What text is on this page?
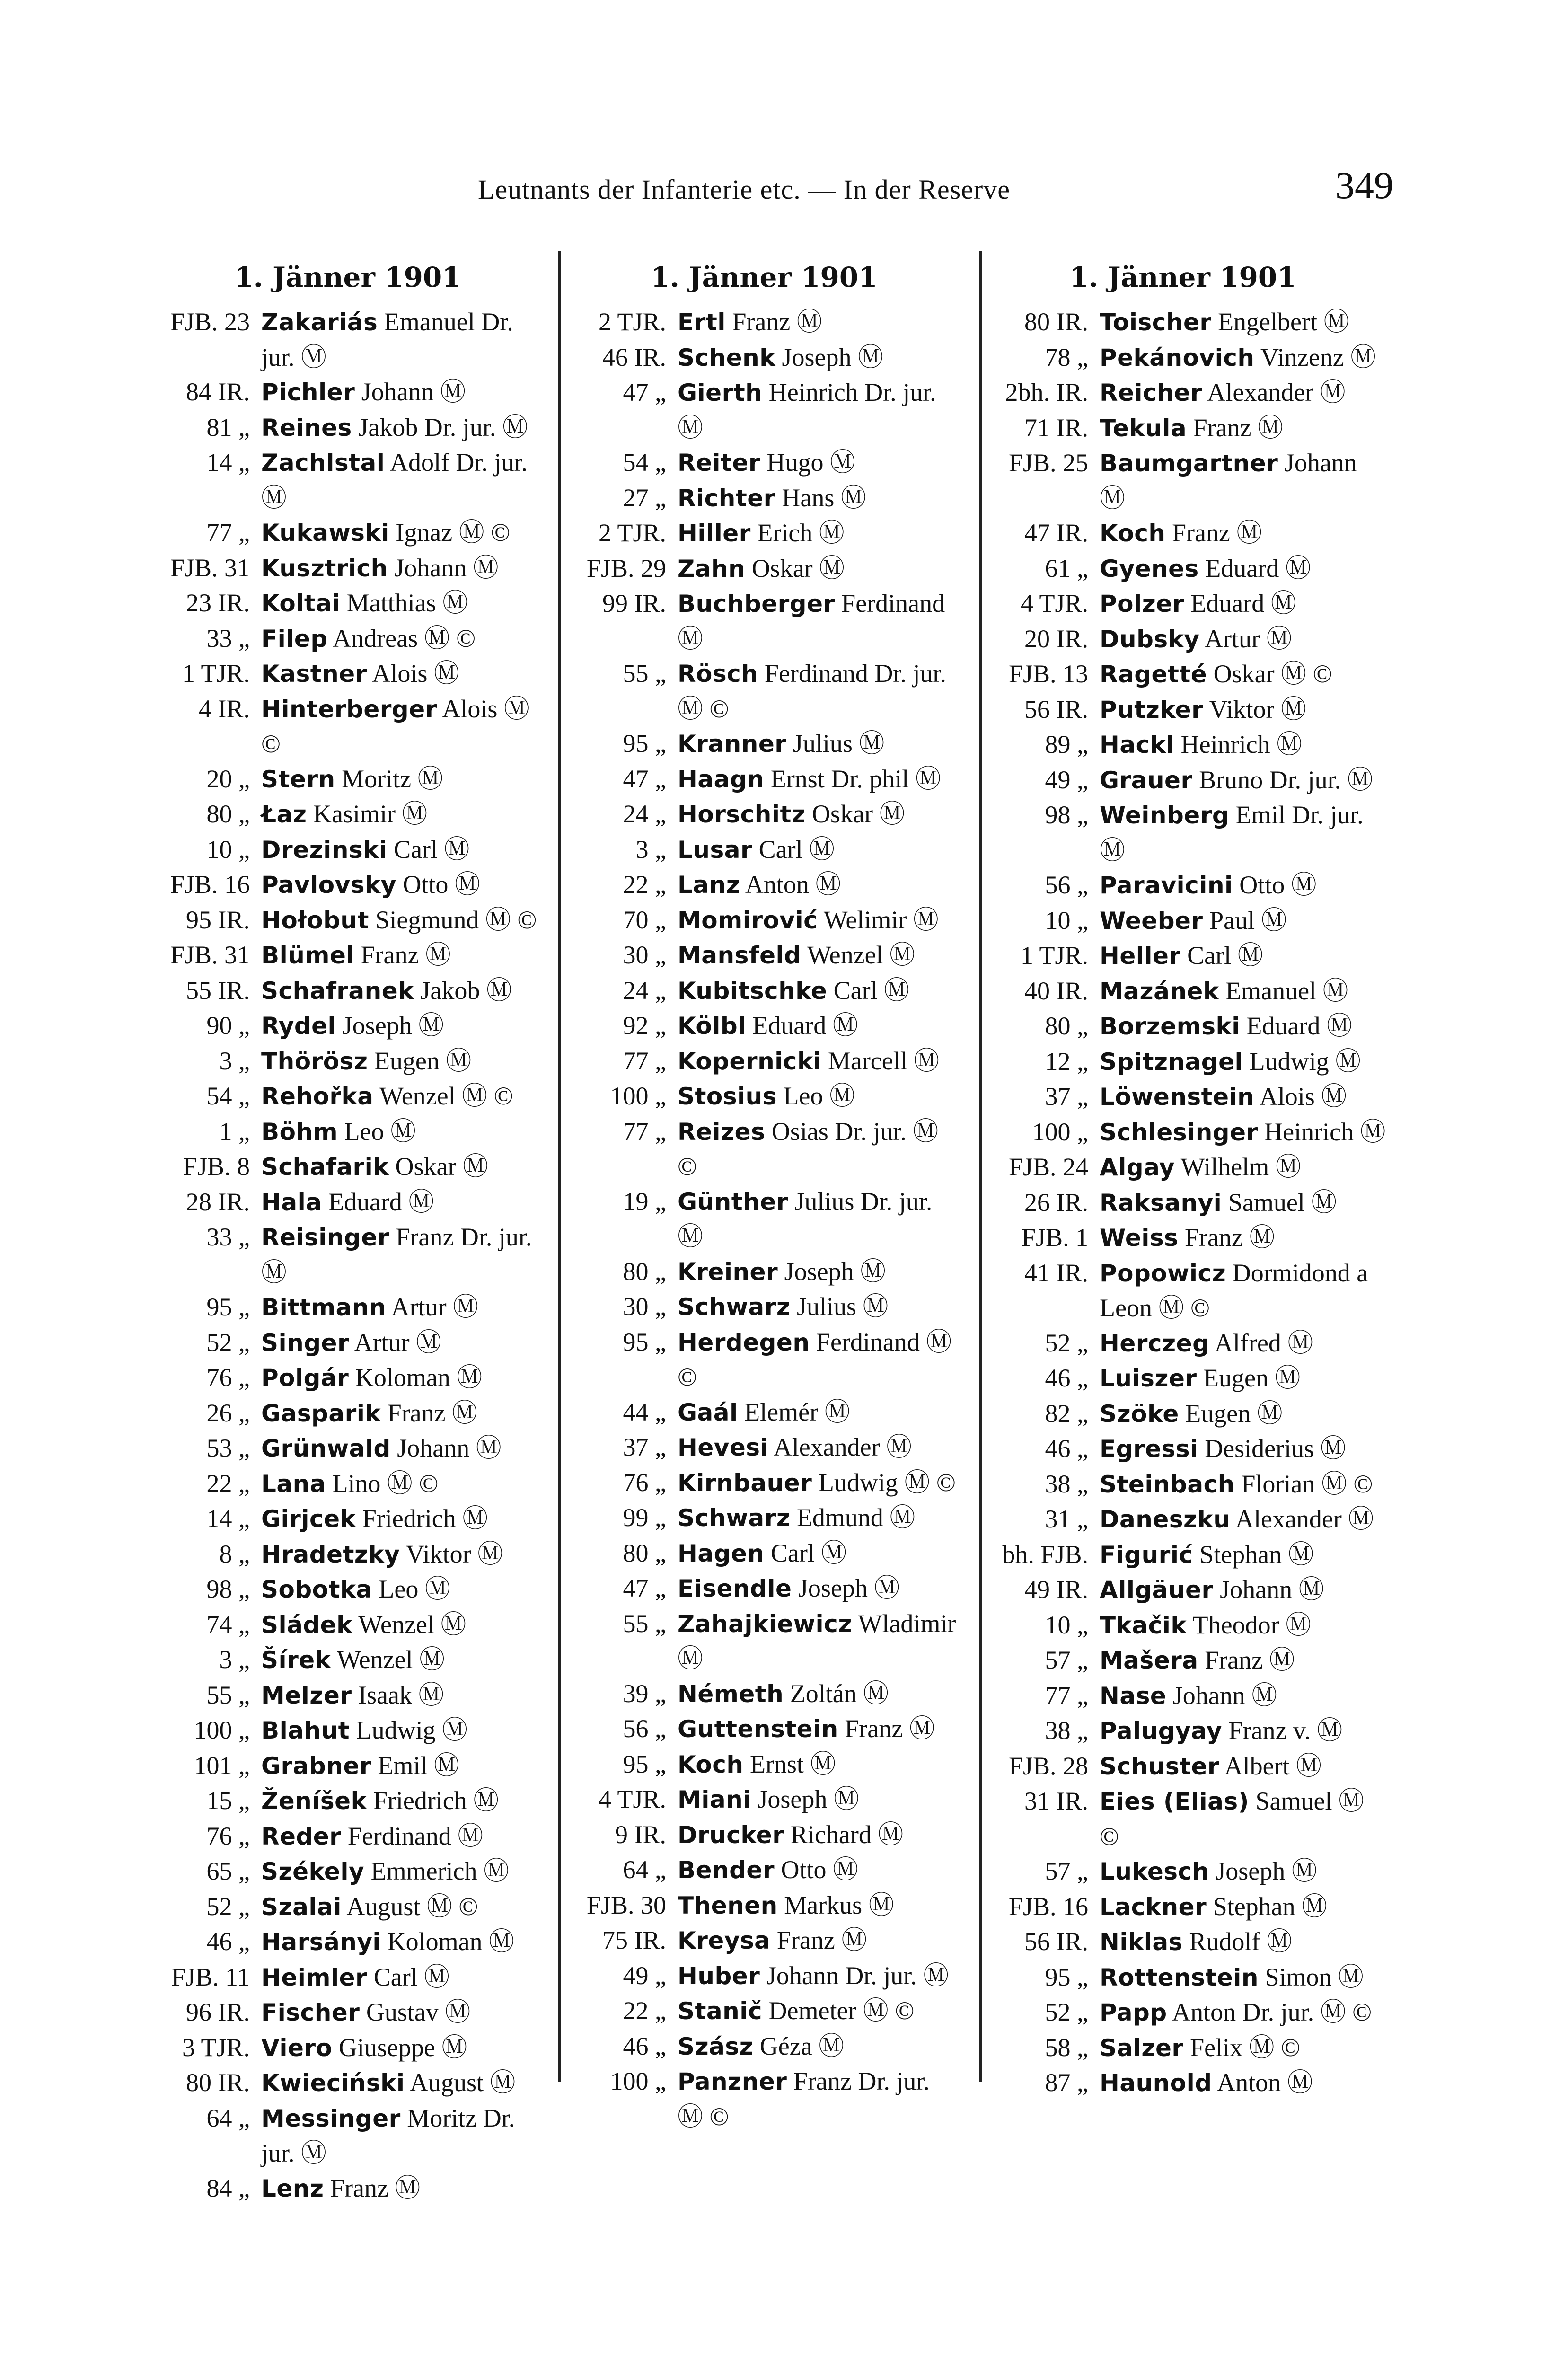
Leutnants der Infanterie etc. — In der Reserve	349
1. Jänner 1901
FJB. 23 Zakariás Emanuel Dr. jur. Ⓜ
84 IR. Pichler Johann Ⓜ
81 „ Reines Jakob Dr. jur. Ⓜ
14 „ Zachlstal Adolf Dr. jur. Ⓜ
77 „ Kukawski Ignaz Ⓜ ©
FJB. 31 Kusztrich Johann Ⓜ
23 IR. Koltai Matthias Ⓜ
33 „ Filep Andreas Ⓜ ©
1 TJR. Kastner Alois Ⓜ
4 IR. Hinterberger Alois Ⓜ ©
20 „ Stern Moritz Ⓜ
80 „ Łaz Kasimir Ⓜ
10 „ Drezinski Carl Ⓜ
FJB. 16 Pavlovsky Otto Ⓜ
95 IR. Hołobut Siegmund Ⓜ ©
FJB. 31 Blümel Franz Ⓜ
55 IR. Schafranek Jakob Ⓜ
90 „ Rydel Joseph Ⓜ
3 „ Thörösz Eugen Ⓜ
54 „ Rehořka Wenzel Ⓜ ©
1 „ Böhm Leo Ⓜ
FJB. 8 Schafarik Oskar Ⓜ
28 IR. Hala Eduard Ⓜ
33 „ Reisinger Franz Dr. jur. Ⓜ
95 „ Bittmann Artur Ⓜ
52 „ Singer Artur Ⓜ
76 „ Polgár Koloman Ⓜ
26 „ Gasparik Franz Ⓜ
53 „ Grünwald Johann Ⓜ
22 „ Lana Lino Ⓜ ©
14 „ Girjcek Friedrich Ⓜ
8 „ Hradetzky Viktor Ⓜ
98 „ Sobotka Leo Ⓜ
74 „ Sládek Wenzel Ⓜ
3 „ Šírek Wenzel Ⓜ
55 „ Melzer Isaak Ⓜ
100 „ Blahut Ludwig Ⓜ
101 „ Grabner Emil Ⓜ
15 „ Ženíšek Friedrich Ⓜ
76 „ Reder Ferdinand Ⓜ
65 „ Székely Emmerich Ⓜ
52 „ Szalai August Ⓜ ©
46 „ Harsányi Koloman Ⓜ
FJB. 11 Heimler Carl Ⓜ
96 IR. Fischer Gustav Ⓜ
3 TJR. Viero Giuseppe Ⓜ
80 IR. Kwieciński August Ⓜ
64 „ Messinger Moritz Dr. jur. Ⓜ
84 „ Lenz Franz Ⓜ
1. Jänner 1901
2 TJR. Ertl Franz Ⓜ
46 IR. Schenk Joseph Ⓜ
47 „ Gierth Heinrich Dr. jur. Ⓜ
54 „ Reiter Hugo Ⓜ
27 „ Richter Hans Ⓜ
2 TJR. Hiller Erich Ⓜ
FJB. 29 Zahn Oskar Ⓜ
99 IR. Buchberger Ferdinand Ⓜ
55 „ Rösch Ferdinand Dr. jur. Ⓜ ©
95 „ Kranner Julius Ⓜ
47 „ Haagn Ernst Dr. phil Ⓜ
24 „ Horschitz Oskar Ⓜ
3 „ Lusar Carl Ⓜ
22 „ Lanz Anton Ⓜ
70 „ Momirović Welimir Ⓜ
30 „ Mansfeld Wenzel Ⓜ
24 „ Kubitschke Carl Ⓜ
92 „ Kölbl Eduard Ⓜ
77 „ Kopernicki Marcell Ⓜ
100 „ Stosius Leo Ⓜ
77 „ Reizes Osias Dr. jur. Ⓜ ©
19 „ Günther Julius Dr. jur. Ⓜ
80 „ Kreiner Joseph Ⓜ
30 „ Schwarz Julius Ⓜ
95 „ Herdegen Ferdinand Ⓜ ©
44 „ Gaál Elemér Ⓜ
37 „ Hevesi Alexander Ⓜ
76 „ Kirnbauer Ludwig Ⓜ ©
99 „ Schwarz Edmund Ⓜ
80 „ Hagen Carl Ⓜ
47 „ Eisendle Joseph Ⓜ
55 „ Zahajkiewicz Wladimir Ⓜ
39 „ Németh Zoltán Ⓜ
56 „ Guttenstein Franz Ⓜ
95 „ Koch Ernst Ⓜ
4 TJR. Miani Joseph Ⓜ
9 IR. Drucker Richard Ⓜ
64 „ Bender Otto Ⓜ
FJB. 30 Thenen Markus Ⓜ
75 IR. Kreysa Franz Ⓜ
49 „ Huber Johann Dr. jur. Ⓜ
22 „ Stanič Demeter Ⓜ ©
46 „ Szász Géza Ⓜ
100 „ Panzner Franz Dr. jur. Ⓜ ©
1. Jänner 1901
80 IR. Toischer Engelbert Ⓜ
78 „ Pekánovich Vinzenz Ⓜ
2bh. IR. Reicher Alexander Ⓜ
71 IR. Tekula Franz Ⓜ
FJB. 25 Baumgartner Johann Ⓜ
47 IR. Koch Franz Ⓜ
61 „ Gyenes Eduard Ⓜ
4 TJR. Polzer Eduard Ⓜ
20 IR. Dubsky Artur Ⓜ
FJB. 13 Ragetté Oskar Ⓜ ©
56 IR. Putzker Viktor Ⓜ
89 „ Hackl Heinrich Ⓜ
49 „ Grauer Bruno Dr. jur. Ⓜ
98 „ Weinberg Emil Dr. jur. Ⓜ
56 „ Paravicini Otto Ⓜ
10 „ Weeber Paul Ⓜ
1 TJR. Heller Carl Ⓜ
40 IR. Mazánek Emanuel Ⓜ
80 „ Borzemski Eduard Ⓜ
12 „ Spitznagel Ludwig Ⓜ
37 „ Löwenstein Alois Ⓜ
100 „ Schlesinger Heinrich Ⓜ
FJB. 24 Algay Wilhelm Ⓜ
26 IR. Raksanyi Samuel Ⓜ
FJB. 1 Weiss Franz Ⓜ
41 IR. Popowicz Dormidond a Leon Ⓜ ©
52 „ Herczeg Alfred Ⓜ
46 „ Luiszer Eugen Ⓜ
82 „ Szöke Eugen Ⓜ
46 „ Egressi Desiderius Ⓜ
38 „ Steinbach Florian Ⓜ ©
31 „ Daneszku Alexander Ⓜ
bh. FJB. Figurić Stephan Ⓜ
49 IR. Allgäuer Johann Ⓜ
10 „ Tkačik Theodor Ⓜ
57 „ Mašera Franz Ⓜ
77 „ Nase Johann Ⓜ
38 „ Palugyay Franz v. Ⓜ
FJB. 28 Schuster Albert Ⓜ
31 IR. Eies (Elias) Samuel Ⓜ ©
57 „ Lukesch Joseph Ⓜ
FJB. 16 Lackner Stephan Ⓜ
56 IR. Niklas Rudolf Ⓜ
95 „ Rottenstein Simon Ⓜ
52 „ Papp Anton Dr. jur. Ⓜ ©
58 „ Salzer Felix Ⓜ ©
87 „ Haunold Anton Ⓜ
